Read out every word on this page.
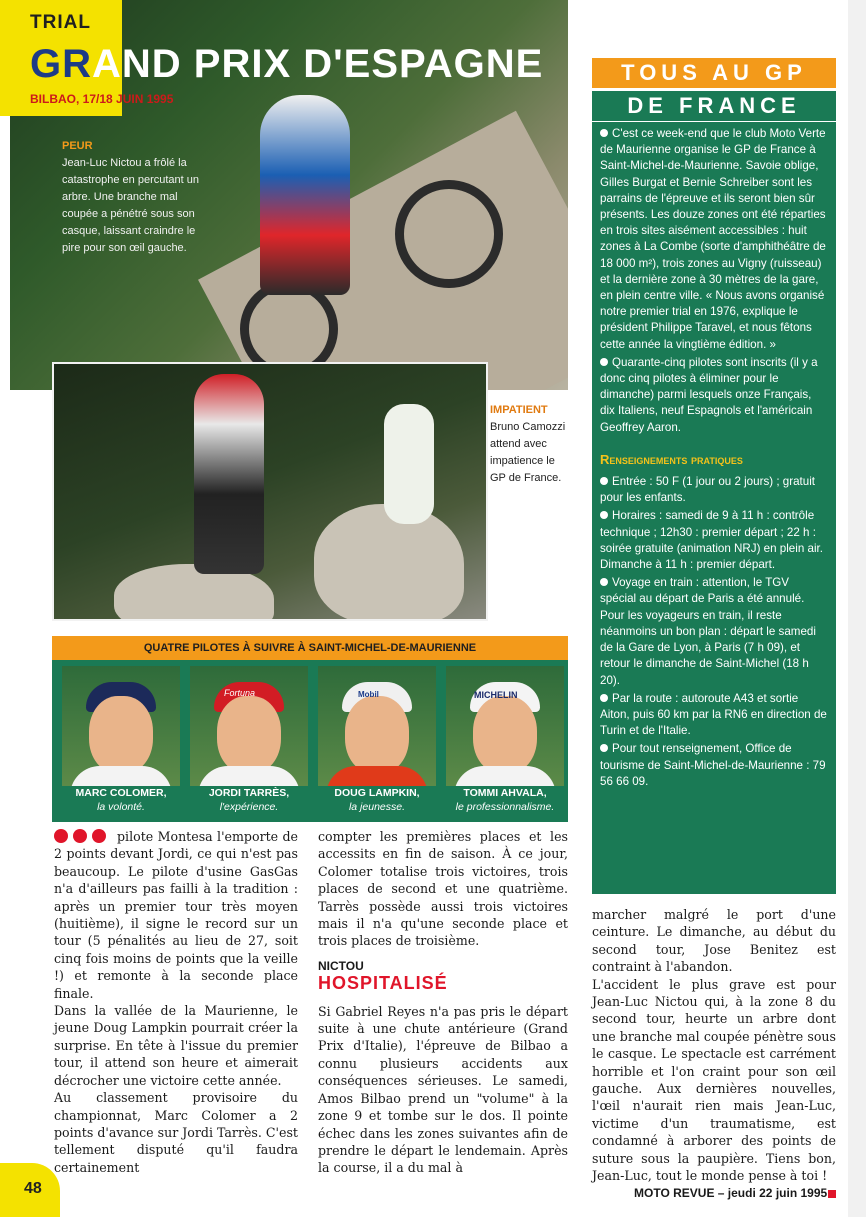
TRIAL
GRAND PRIX D'ESPAGNE
BILBAO, 17/18 JUIN 1995
PEUR
Jean-Luc Nictou a frôlé la catastrophe en percutant un arbre. Une branche mal coupée a pénétré sous son casque, laissant craindre le pire pour son œil gauche.
IMPATIENT
Bruno Camozzi attend avec impatience le GP de France.
QUATRE PILOTES À SUIVRE À SAINT-MICHEL-DE-MAURIENNE
MARC COLOMER,
la volonté.
Fortuna
JORDI TARRÈS,
l'expérience.
Mobil
DOUG LAMPKIN,
la jeunesse.
MICHELIN
TOMMI AHVALA,
le professionnalisme.
pilote Montesa l'emporte de 2 points devant Jordi, ce qui n'est pas beaucoup. Le pilote d'usine GasGas n'a d'ailleurs pas failli à la tradition : après un premier tour très moyen (huitième), il signe le record sur un tour (5 pénalités au lieu de 27, soit cinq fois moins de points que la veille !) et remonte à la seconde place finale.
Dans la vallée de la Maurienne, le jeune Doug Lampkin pourrait créer la surprise. En tête à l'issue du premier tour, il attend son heure et aimerait décrocher une victoire cette année.
Au classement provisoire du championnat, Marc Colomer a 2 points d'avance sur Jordi Tarrès. C'est tellement disputé qu'il faudra certainement
compter les premières places et les accessits en fin de saison. À ce jour, Colomer totalise trois victoires, trois places de second et une quatrième. Tarrès possède aussi trois victoires mais il n'a qu'une seconde place et trois places de troisième.
NICTOU
HOSPITALISÉ
Si Gabriel Reyes n'a pas pris le départ suite à une chute antérieure (Grand Prix d'Italie), l'épreuve de Bilbao a connu plusieurs accidents aux conséquences sérieuses. Le samedi, Amos Bilbao prend un "volume" à la zone 9 et tombe sur le dos. Il pointe échec dans les zones suivantes afin de prendre le départ le lendemain. Après la course, il a du mal à
marcher malgré le port d'une ceinture. Le dimanche, au début du second tour, Jose Benitez est contraint à l'abandon.
L'accident le plus grave est pour Jean-Luc Nictou qui, à la zone 8 du second tour, heurte un arbre dont une branche mal coupée pénètre sous le casque. Le spectacle est carrément horrible et l'on craint pour son œil gauche. Aux dernières nouvelles, l'œil n'aurait rien mais Jean-Luc, victime d'un traumatisme, est condamné à arborer des points de suture sous la paupière. Tiens bon, Jean-Luc, tout le monde pense à toi !
TOUS AU GP
DE FRANCE

C'est ce week-end que le club Moto Verte de Maurienne organise le GP de France à Saint-Michel-de-Maurienne. Savoie oblige, Gilles Burgat et Bernie Schreiber sont les parrains de l'épreuve et ils seront bien sûr présents. Les douze zones ont été réparties en trois sites aisément accessibles : huit zones à La Combe (sorte d'amphithéâtre de 18 000 m²), trois zones au Vigny (ruisseau) et la dernière zone à 30 mètres de la gare, en plein centre ville. « Nous avons organisé notre premier trial en 1976, explique le président Philippe Taravel, et nous fêtons cette année la vingtième édition. »

Quarante-cinq pilotes sont inscrits (il y a donc cinq pilotes à éliminer pour le dimanche) parmi lesquels onze Français, dix Italiens, neuf Espagnols et l'américain Geoffrey Aaron.

Renseignements pratiques

Entrée : 50 F (1 jour ou 2 jours) ; gratuit pour les enfants.

Horaires : samedi de 9 à 11 h : contrôle technique ; 12h30 : premier départ ; 22 h : soirée gratuite (animation NRJ) en plein air. Dimanche à 11 h : premier départ.

Voyage en train : attention, le TGV spécial au départ de Paris a été annulé. Pour les voyageurs en train, il reste néanmoins un bon plan : départ le samedi de la Gare de Lyon, à Paris (7 h 09), et retour le dimanche de Saint-Michel (18 h 20).

Par la route : autoroute A43 et sortie Aiton, puis 60 km par la RN6 en direction de Turin et de l'Italie.

Pour tout renseignement, Office de tourisme de Saint-Michel-de-Maurienne : 79 56 66 09.

48	MOTO REVUE – jeudi 22 juin 1995
